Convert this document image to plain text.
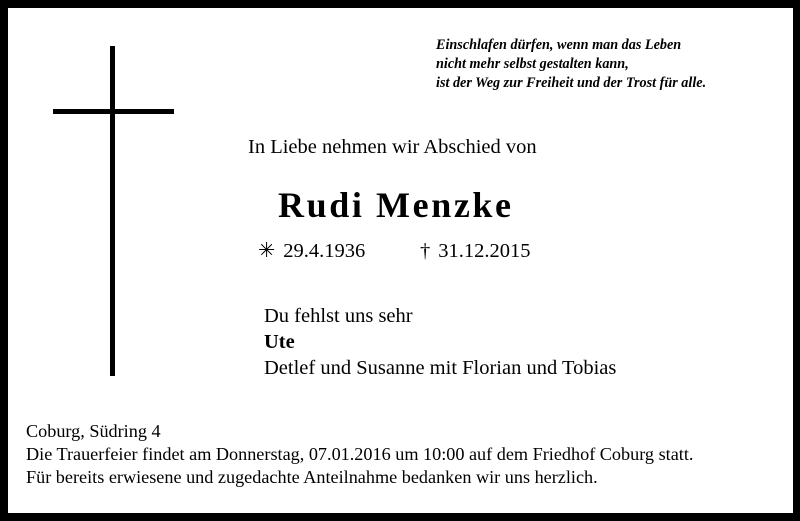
Einschlafen dürfen, wenn man das Leben
nicht mehr selbst gestalten kann,
ist der Weg zur Freiheit und der Trost für alle.
In Liebe nehmen wir Abschied von
Rudi Menzke
✳ 29.4.1936	† 31.12.2015
Du fehlst uns sehr
Ute
Detlef und Susanne mit Florian und Tobias
Coburg, Südring 4
Die Trauerfeier findet am Donnerstag, 07.01.2016 um 10:00 auf dem Friedhof Coburg statt.
Für bereits erwiesene und zugedachte Anteilnahme bedanken wir uns herzlich.
